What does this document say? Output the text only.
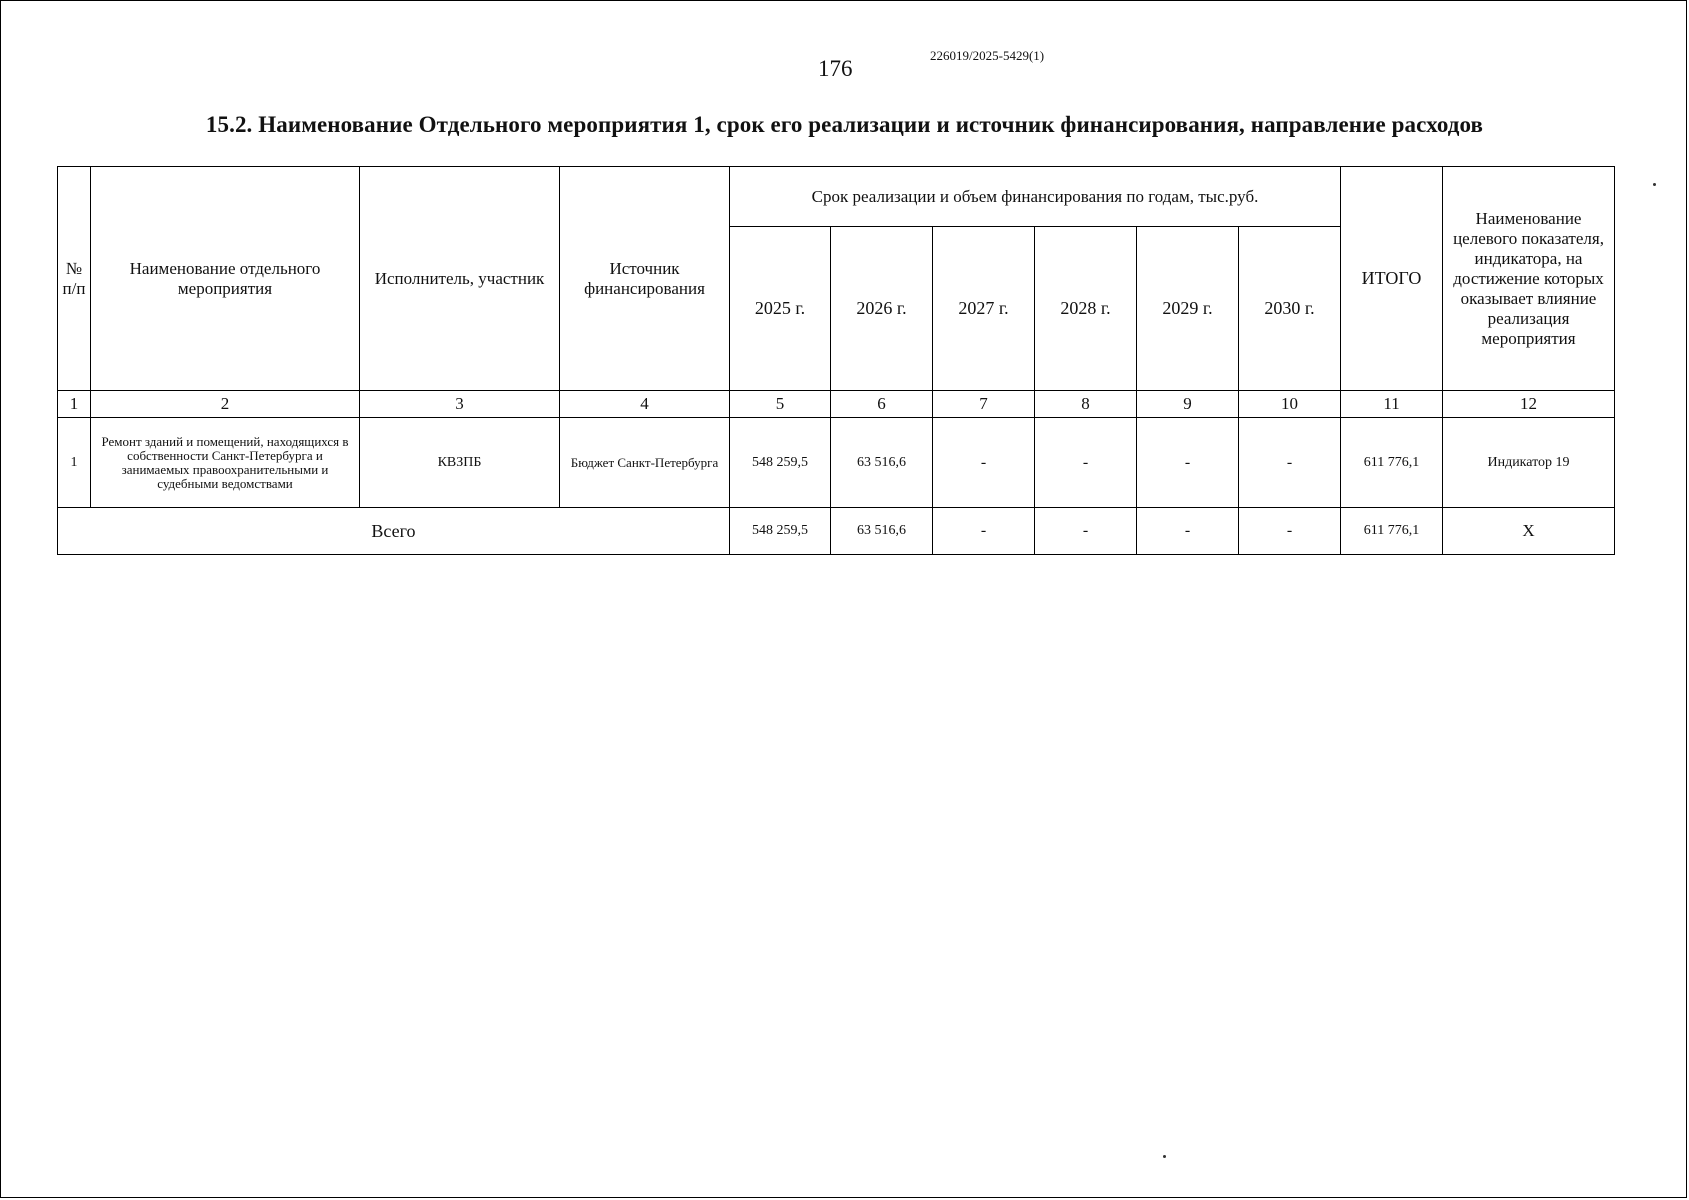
176
226019/2025-5429(1)
15.2. Наименование Отдельного мероприятия 1, срок его реализации и источник финансирования, направление расходов
№ п/п	Наименование отдельного мероприятия	Исполнитель, участник	Источник финансирования	Срок реализации и объем финансирования по годам, тыс.руб.						ИТОГО	Наименование целевого показателя, индикатора, на достижение которых оказывает влияние реализация мероприятия
				2025 г.	2026 г.	2027 г.	2028 г.	2029 г.	2030 г.		
1	2	3	4	5	6	7	8	9	10	11	12
1	Ремонт зданий и помещений, находящихся в собственности Санкт-Петербурга и занимаемых правоохранительными и судебными ведомствами	КВЗПБ	Бюджет Санкт-Петербурга	548 259,5	63 516,6	-	-	-	-	611 776,1	Индикатор 19
Всего				548 259,5	63 516,6	-	-	-	-	611 776,1	X
